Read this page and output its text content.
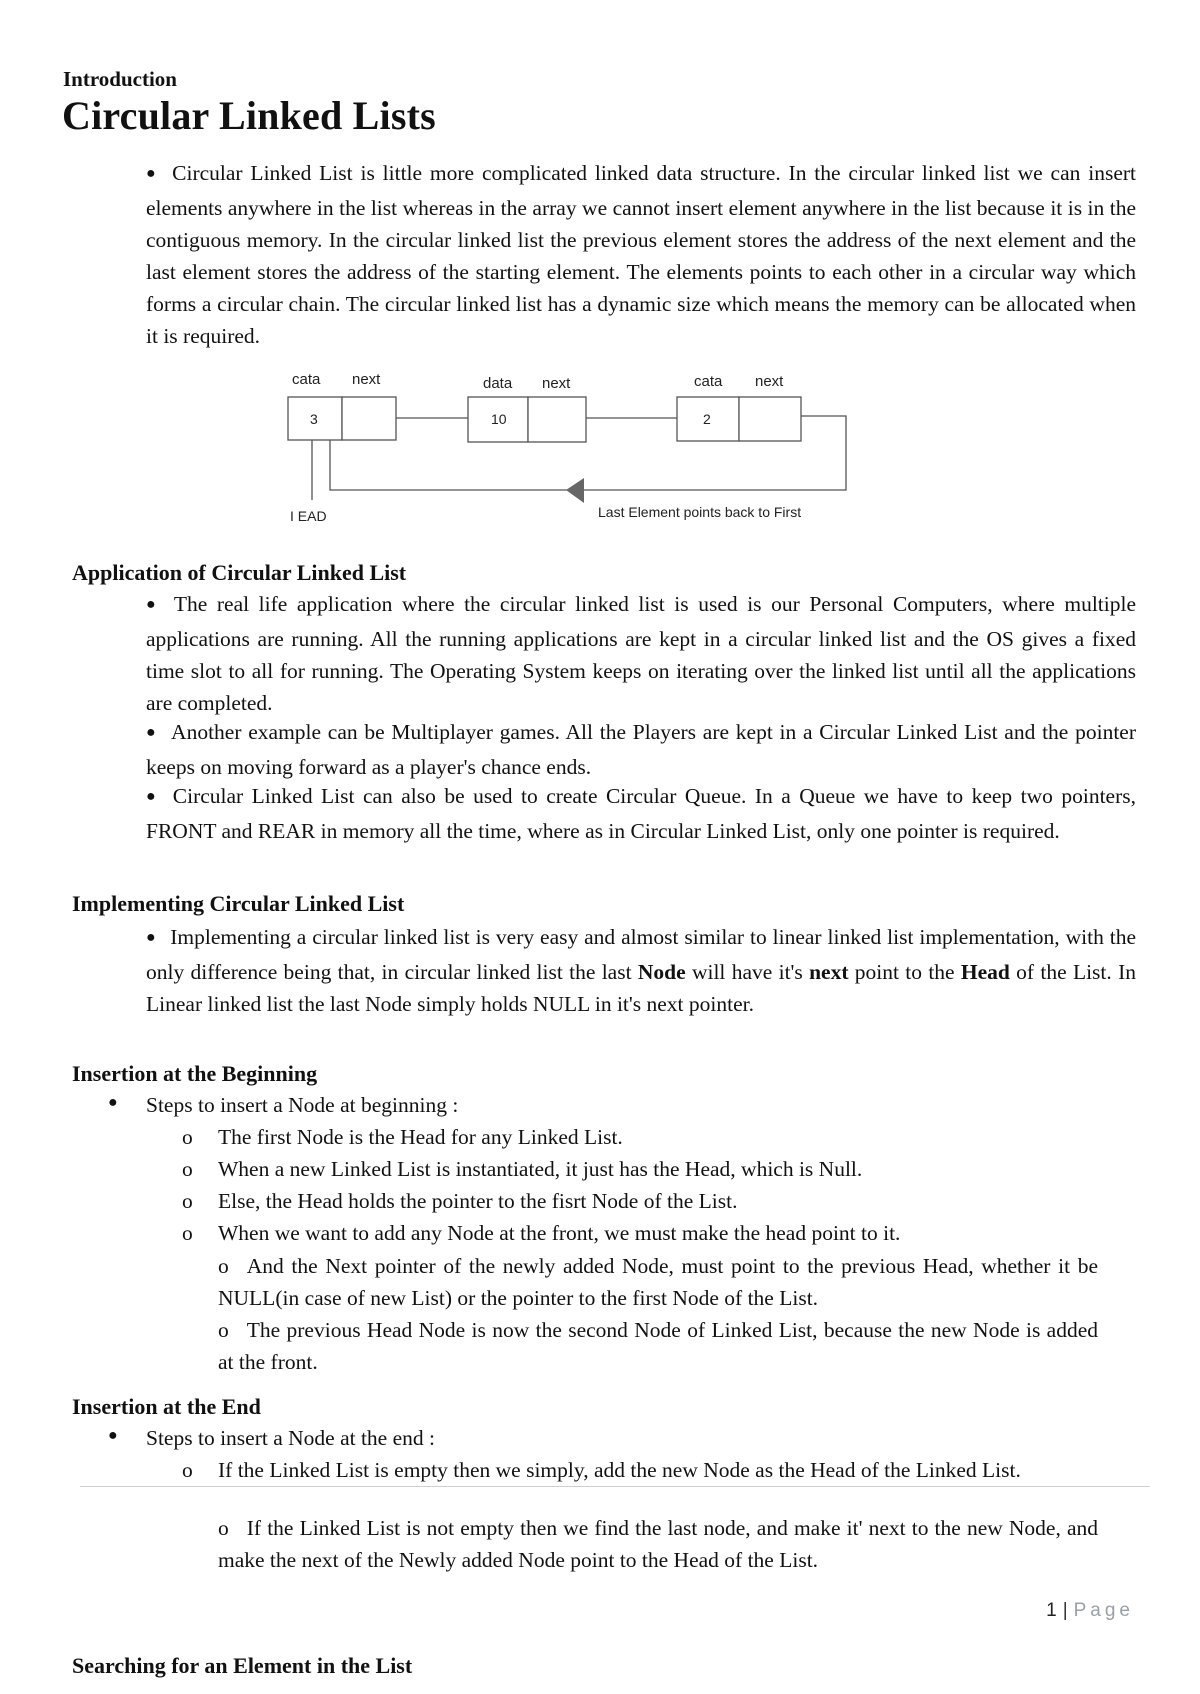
Introduction
Circular Linked Lists

● Circular Linked List is little more complicated linked data structure. In the circular linked list we can insert elements anywhere in the list whereas in the array we cannot insert element anywhere in the list because it is in the contiguous memory. In the circular linked list the previous element stores the address of the next element and the last element stores the address of the starting element. The elements points to each other in a circular way which forms a circular chain. The circular linked list has a dynamic size which means the memory can be allocated when it is required.

cata next
3
data next
10
cata next
2
I EAD	Last Element points back to First
Application of Circular Linked List

● The real life application where the circular linked list is used is our Personal Computers, where multiple applications are running. All the running applications are kept in a circular linked list and the OS gives a fixed time slot to all for running. The Operating System keeps on iterating over the linked list until all the applications are completed.

● Another example can be Multiplayer games. All the Players are kept in a Circular Linked List and the pointer keeps on moving forward as a player's chance ends.

● Circular Linked List can also be used to create Circular Queue. In a Queue we have to keep two pointers, FRONT and REAR in memory all the time, where as in Circular Linked List, only one pointer is required.

Implementing Circular Linked List

● Implementing a circular linked list is very easy and almost similar to linear linked list implementation, with the only difference being that, in circular linked list the last Node will have it's next point to the Head of the List. In Linear linked list the last Node simply holds NULL in it's next pointer.

Insertion at the Beginning
● Steps to insert a Node at beginning :
o The first Node is the Head for any Linked List.
o When a new Linked List is instantiated, it just has the Head, which is Null.
o Else, the Head holds the pointer to the fisrt Node of the List.
o When we want to add any Node at the front, we must make the head point to it.

o And the Next pointer of the newly added Node, must point to the previous Head, whether it be NULL(in case of new List) or the pointer to the first Node of the List.

o The previous Head Node is now the second Node of Linked List, because the new Node is added at the front.

Insertion at the End
● Steps to insert a Node at the end :
o If the Linked List is empty then we simply, add the new Node as the Head of the Linked List.

o If the Linked List is not empty then we find the last node, and make it' next to the new Node, and make the next of the Newly added Node point to the Head of the List.

1 | Page
Searching for an Element in the List
